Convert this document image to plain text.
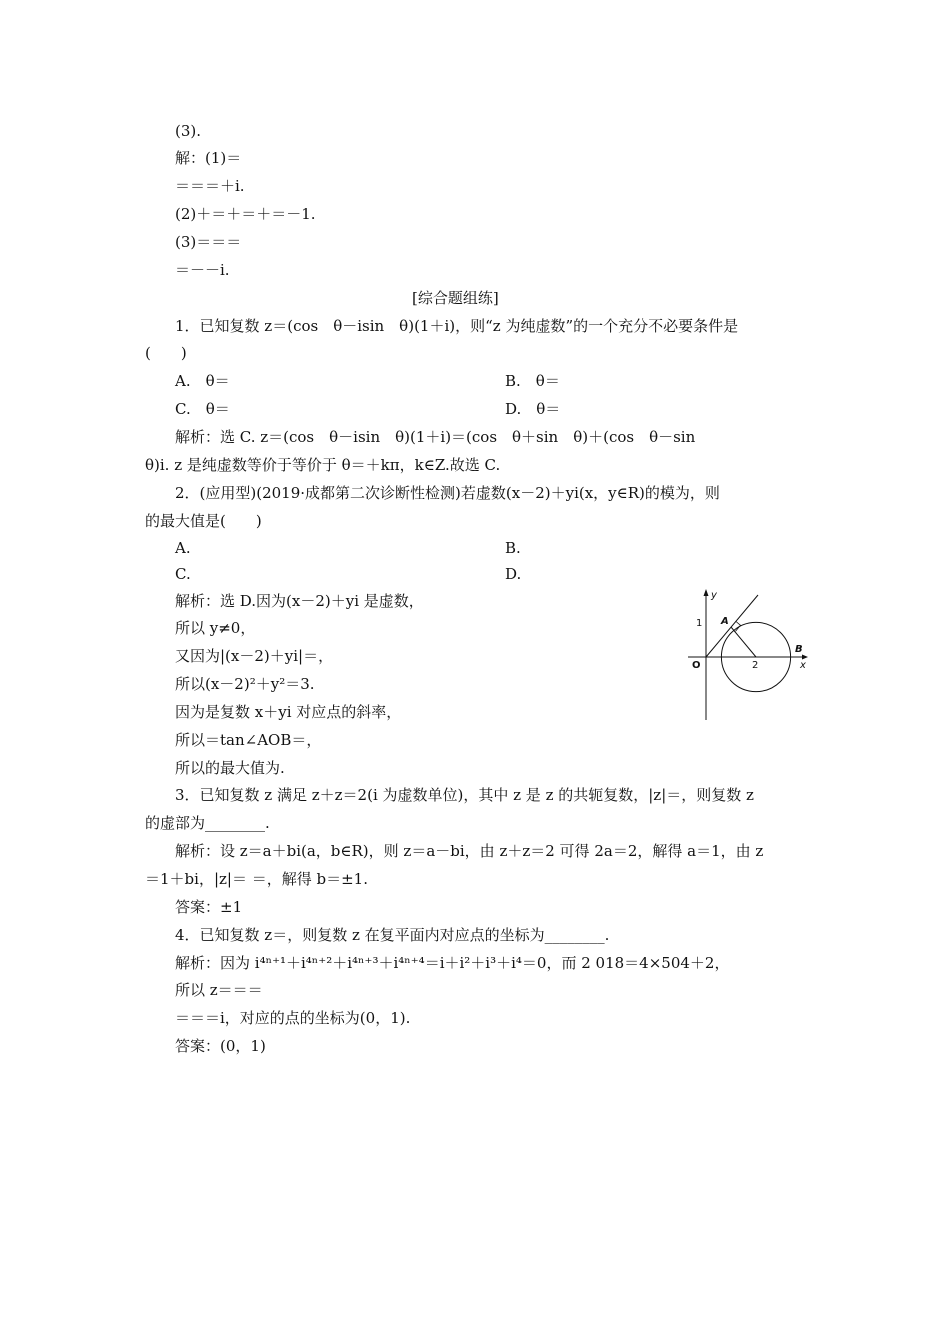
(3).
解：(1)＝
＝＝＝＋i.
(2)＋＝＋＝＋＝－1.
(3)＝＝＝
＝－－i.
[综合题组练]
1．已知复数 z＝(cos　θ－isin　θ)(1＋i)，则“z 为纯虚数”的一个充分不必要条件是
(　　)
A.　θ＝	B.　θ＝
C.　θ＝	D.　θ＝
解析：选 C. z＝(cos　θ－isin　θ)(1＋i)＝(cos　θ＋sin　θ)＋(cos　θ－sin
θ)i. z 是纯虚数等价于等价于 θ＝＋kπ，k∈Z.故选 C.
2．(应用型)(2019·成都第二次诊断性检测)若虚数(x－2)＋yi(x，y∈R)的模为，则
的最大值是(　　)
A.	B.
C.	D.
解析：选 D.因为(x－2)＋yi 是虚数，
所以 y≠0，
又因为|(x－2)＋yi|＝，
所以(x－2)²＋y²＝3.
因为是复数 x＋yi 对应点的斜率，
所以＝tan∠AOB＝，
所以的最大值为.
y
x
O
1
2
A
B
3．已知复数 z 满足 z＋z＝2(i 为虚数单位)，其中 z 是 z 的共轭复数，|z|＝，则复数 z
的虚部为________.
解析：设 z＝a＋bi(a，b∈R)，则 z＝a－bi，由 z＋z＝2 可得 2a＝2，解得 a＝1，由 z
＝1＋bi，|z|＝ ＝，解得 b＝±1.
答案：±1
4．已知复数 z＝，则复数 z 在复平面内对应点的坐标为________.
解析：因为 i⁴ⁿ⁺¹＋i⁴ⁿ⁺²＋i⁴ⁿ⁺³＋i⁴ⁿ⁺⁴＝i＋i²＋i³＋i⁴＝0，而 2 018＝4×504＋2，
所以 z＝＝＝
＝＝＝i，对应的点的坐标为(0，1).
答案：(0，1)
